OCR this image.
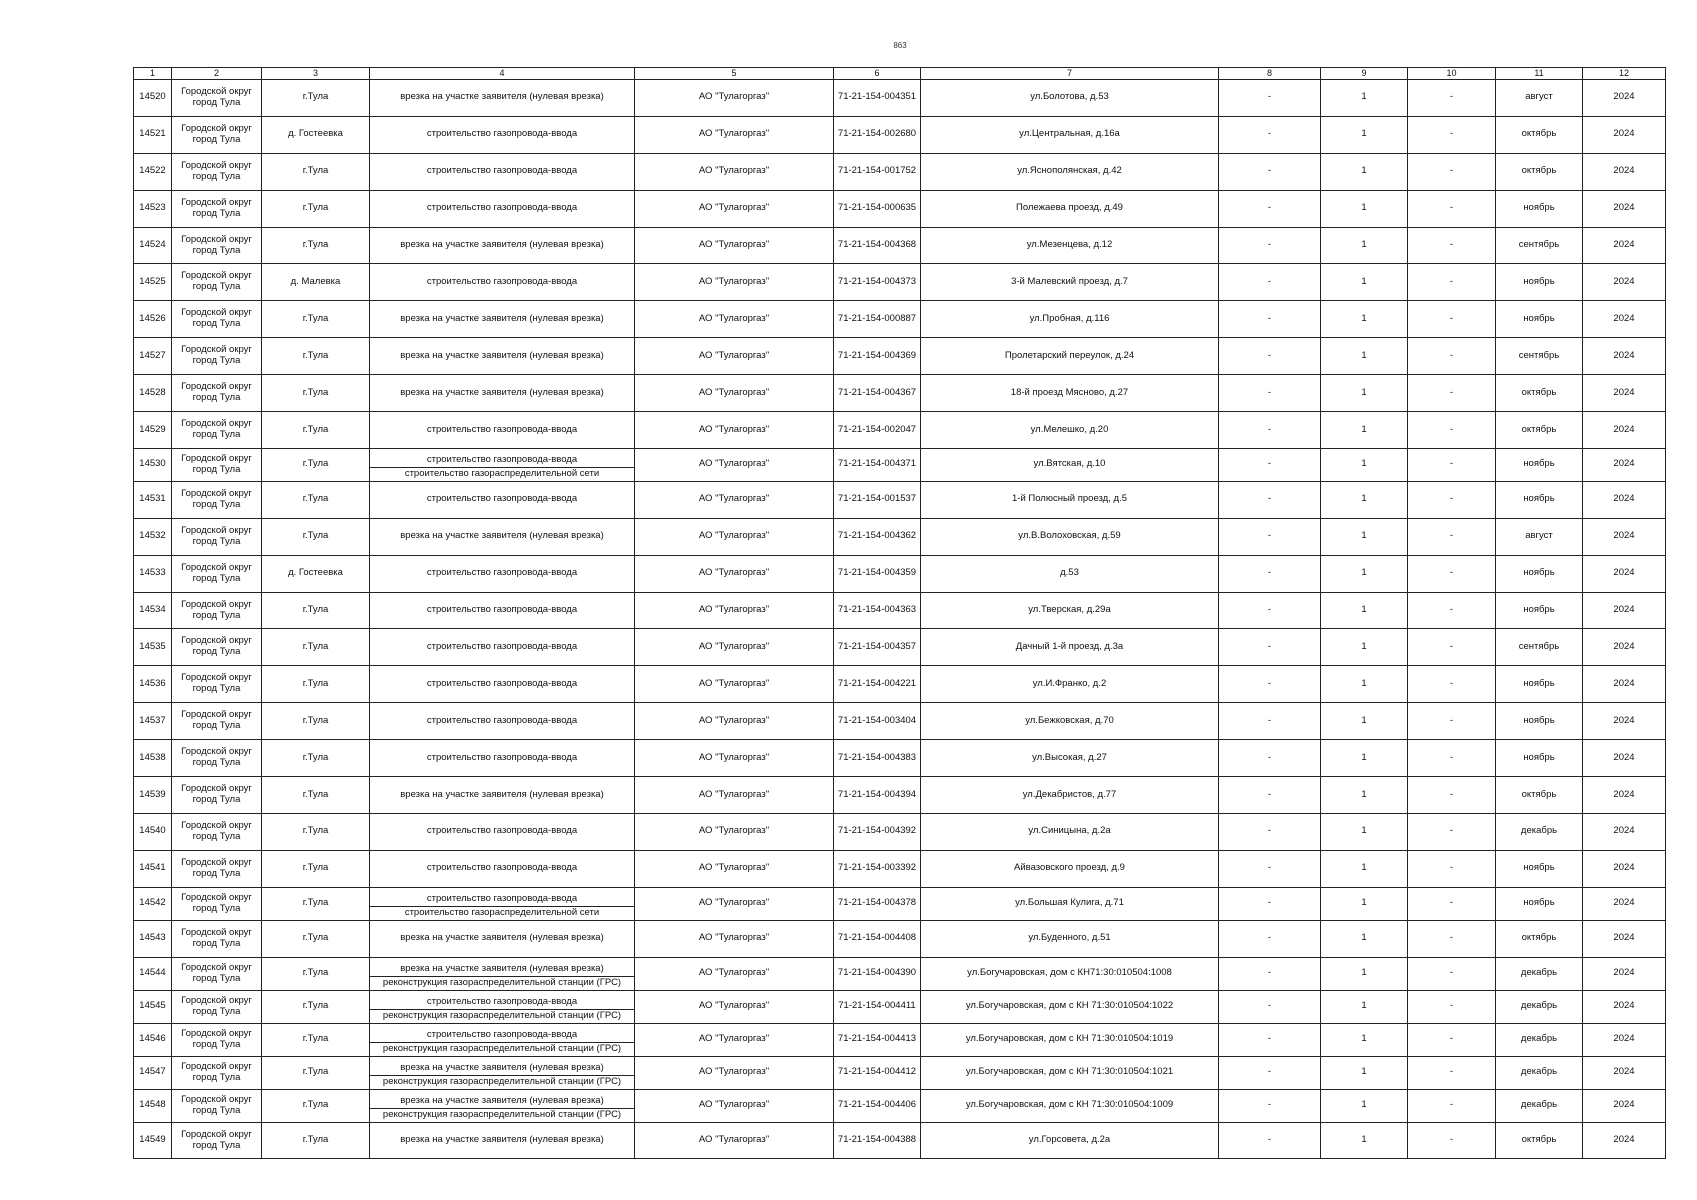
863
1	2	3	4	5	6	7	8	9	10	11	12
14520	Городской округ город Тула	г.Тула	врезка на участке заявителя (нулевая врезка)	АО "Тулагоргаз"	71-21-154-004351	ул.Болотова, д.53	-	1	-	август	2024
14521	Городской округ город Тула	д. Гостеевка	строительство газопровода-ввода	АО "Тулагоргаз"	71-21-154-002680	ул.Центральная, д.16а	-	1	-	октябрь	2024
14522	Городской округ город Тула	г.Тула	строительство газопровода-ввода	АО "Тулагоргаз"	71-21-154-001752	ул.Яснополянская, д.42	-	1	-	октябрь	2024
14523	Городской округ город Тула	г.Тула	строительство газопровода-ввода	АО "Тулагоргаз"	71-21-154-000635	Полежаева проезд, д.49	-	1	-	ноябрь	2024
14524	Городской округ город Тула	г.Тула	врезка на участке заявителя (нулевая врезка)	АО "Тулагоргаз"	71-21-154-004368	ул.Мезенцева, д.12	-	1	-	сентябрь	2024
14525	Городской округ город Тула	д. Малевка	строительство газопровода-ввода	АО "Тулагоргаз"	71-21-154-004373	3-й Малевский проезд, д.7	-	1	-	ноябрь	2024
14526	Городской округ город Тула	г.Тула	врезка на участке заявителя (нулевая врезка)	АО "Тулагоргаз"	71-21-154-000887	ул.Пробная, д.116	-	1	-	ноябрь	2024
14527	Городской округ город Тула	г.Тула	врезка на участке заявителя (нулевая врезка)	АО "Тулагоргаз"	71-21-154-004369	Пролетарский переулок, д.24	-	1	-	сентябрь	2024
14528	Городской округ город Тула	г.Тула	врезка на участке заявителя (нулевая врезка)	АО "Тулагоргаз"	71-21-154-004367	18-й проезд Мясново, д.27	-	1	-	октябрь	2024
14529	Городской округ город Тула	г.Тула	строительство газопровода-ввода	АО "Тулагоргаз"	71-21-154-002047	ул.Мелешко, д.20	-	1	-	октябрь	2024
14530	Городской округ город Тула	г.Тула	строительство газопровода-ввода
строительство газораспределительной сети	АО "Тулагоргаз"	71-21-154-004371	ул.Вятская, д.10	-	1	-	ноябрь	2024
14531	Городской округ город Тула	г.Тула	строительство газопровода-ввода	АО "Тулагоргаз"	71-21-154-001537	1-й Полюсный проезд, д.5	-	1	-	ноябрь	2024
14532	Городской округ город Тула	г.Тула	врезка на участке заявителя (нулевая врезка)	АО "Тулагоргаз"	71-21-154-004362	ул.В.Волоховская, д.59	-	1	-	август	2024
14533	Городской округ город Тула	д. Гостеевка	строительство газопровода-ввода	АО "Тулагоргаз"	71-21-154-004359	д.53	-	1	-	ноябрь	2024
14534	Городской округ город Тула	г.Тула	строительство газопровода-ввода	АО "Тулагоргаз"	71-21-154-004363	ул.Тверская, д.29а	-	1	-	ноябрь	2024
14535	Городской округ город Тула	г.Тула	строительство газопровода-ввода	АО "Тулагоргаз"	71-21-154-004357	Дачный 1-й проезд, д.3а	-	1	-	сентябрь	2024
14536	Городской округ город Тула	г.Тула	строительство газопровода-ввода	АО "Тулагоргаз"	71-21-154-004221	ул.И.Франко, д.2	-	1	-	ноябрь	2024
14537	Городской округ город Тула	г.Тула	строительство газопровода-ввода	АО "Тулагоргаз"	71-21-154-003404	ул.Бежковская, д.70	-	1	-	ноябрь	2024
14538	Городской округ город Тула	г.Тула	строительство газопровода-ввода	АО "Тулагоргаз"	71-21-154-004383	ул.Высокая, д.27	-	1	-	ноябрь	2024
14539	Городской округ город Тула	г.Тула	врезка на участке заявителя (нулевая врезка)	АО "Тулагоргаз"	71-21-154-004394	ул.Декабристов, д.77	-	1	-	октябрь	2024
14540	Городской округ город Тула	г.Тула	строительство газопровода-ввода	АО "Тулагоргаз"	71-21-154-004392	ул.Синицына, д.2а	-	1	-	декабрь	2024
14541	Городской округ город Тула	г.Тула	строительство газопровода-ввода	АО "Тулагоргаз"	71-21-154-003392	Айвазовского проезд, д.9	-	1	-	ноябрь	2024
14542	Городской округ город Тула	г.Тула	строительство газопровода-ввода
строительство газораспределительной сети	АО "Тулагоргаз"	71-21-154-004378	ул.Большая Кулига, д.71	-	1	-	ноябрь	2024
14543	Городской округ город Тула	г.Тула	врезка на участке заявителя (нулевая врезка)	АО "Тулагоргаз"	71-21-154-004408	ул.Буденного, д.51	-	1	-	октябрь	2024
14544	Городской округ город Тула	г.Тула	врезка на участке заявителя (нулевая врезка)
реконструкция газораспределительной станции (ГРС)	АО "Тулагоргаз"	71-21-154-004390	ул.Богучаровская, дом с КН71:30:010504:1008	-	1	-	декабрь	2024
14545	Городской округ город Тула	г.Тула	строительство газопровода-ввода
реконструкция газораспределительной станции (ГРС)	АО "Тулагоргаз"	71-21-154-004411	ул.Богучаровская, дом с КН 71:30:010504:1022	-	1	-	декабрь	2024
14546	Городской округ город Тула	г.Тула	строительство газопровода-ввода
реконструкция газораспределительной станции (ГРС)	АО "Тулагоргаз"	71-21-154-004413	ул.Богучаровская, дом с КН 71:30:010504:1019	-	1	-	декабрь	2024
14547	Городской округ город Тула	г.Тула	врезка на участке заявителя (нулевая врезка)
реконструкция газораспределительной станции (ГРС)	АО "Тулагоргаз"	71-21-154-004412	ул.Богучаровская, дом с КН 71:30:010504:1021	-	1	-	декабрь	2024
14548	Городской округ город Тула	г.Тула	врезка на участке заявителя (нулевая врезка)
реконструкция газораспределительной станции (ГРС)	АО "Тулагоргаз"	71-21-154-004406	ул.Богучаровская, дом с КН 71:30:010504:1009	-	1	-	декабрь	2024
14549	Городской округ город Тула	г.Тула	врезка на участке заявителя (нулевая врезка)	АО "Тулагоргаз"	71-21-154-004388	ул.Горсовета, д.2а	-	1	-	октябрь	2024
